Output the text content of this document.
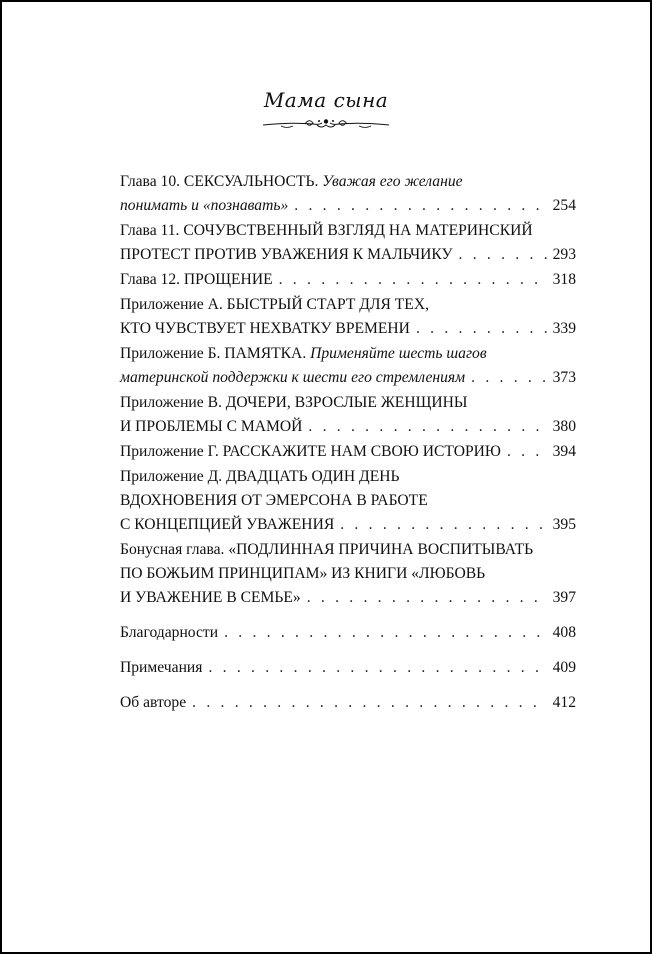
Мама сына
Глава 10. СЕКСУАЛЬНОСТЬ. Уважая его желание
понимать и «познавать» . . .	254
Глава 11. СОЧУВСТВЕННЫЙ ВЗГЛЯД НА МАТЕРИНСКИЙ
ПРОТЕСТ ПРОТИВ УВАЖЕНИЯ К МАЛЬЧИКУ . . .	293
Глава 12. ПРОЩЕНИЕ . . .	318
Приложение А. БЫСТРЫЙ СТАРТ ДЛЯ ТЕХ,
КТО ЧУВСТВУЕТ НЕХВАТКУ ВРЕМЕНИ . . .	339
Приложение Б. ПАМЯТКА. Применяйте шесть шагов
материнской поддержки к шести его стремлениям . . .	373
Приложение В. ДОЧЕРИ, ВЗРОСЛЫЕ ЖЕНЩИНЫ
И ПРОБЛЕМЫ С МАМОЙ . . .	380
Приложение Г. РАССКАЖИТЕ НАМ СВОЮ ИСТОРИЮ . . .	394
Приложение Д. ДВАДЦАТЬ ОДИН ДЕНЬ
ВДОХНОВЕНИЯ ОТ ЭМЕРСОНА В РАБОТЕ
С КОНЦЕПЦИЕЙ УВАЖЕНИЯ . . .	395
Бонусная глава. «ПОДЛИННАЯ ПРИЧИНА ВОСПИТЫВАТЬ
ПО БОЖЬИМ ПРИНЦИПАМ» ИЗ КНИГИ «ЛЮБОВЬ
И УВАЖЕНИЕ В СЕМЬЕ» . . .	397
Благодарности . . .	408
Примечания . . .	409
Об авторе . . .	412
